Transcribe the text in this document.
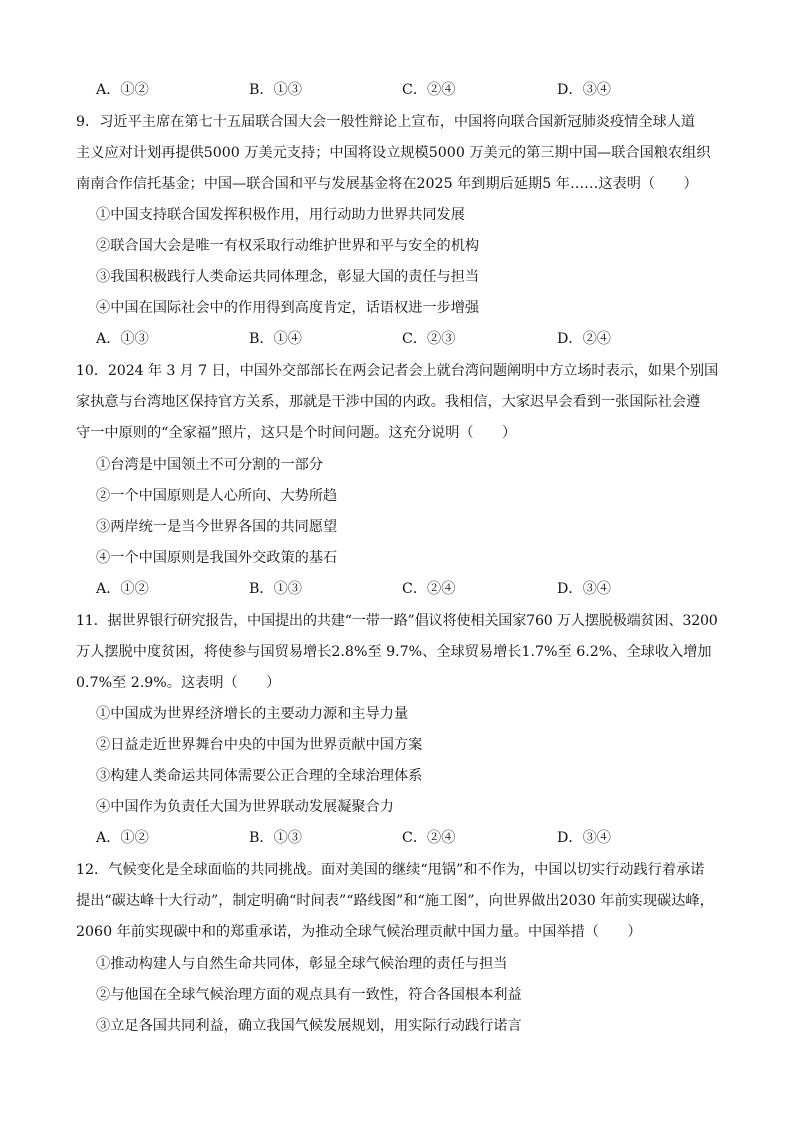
A．①②	B．①③	C．②④	D．③④
9．习近平主席在第七十五届联合国大会一般性辩论上宣布，中国将向联合国新冠肺炎疫情全球人道
主义应对计划再提供5000 万美元支持；中国将设立规模5000 万美元的第三期中国—联合国粮农组织
南南合作信托基金；中国—联合国和平与发展基金将在2025 年到期后延期5 年……这表明（　　）
①中国支持联合国发挥积极作用，用行动助力世界共同发展
②联合国大会是唯一有权采取行动维护世界和平与安全的机构
③我国积极践行人类命运共同体理念，彰显大国的责任与担当
④中国在国际社会中的作用得到高度肯定，话语权进一步增强
A．①③	B．①④	C．②③	D．②④
10．2024 年 3 月 7 日，中国外交部部长在两会记者会上就台湾问题阐明中方立场时表示，如果个别国
家执意与台湾地区保持官方关系，那就是干涉中国的内政。我相信，大家迟早会看到一张国际社会遵
守一中原则的“全家福”照片，这只是个时间问题。这充分说明（　　）
①台湾是中国领土不可分割的一部分
②一个中国原则是人心所向、大势所趋
③两岸统一是当今世界各国的共同愿望
④一个中国原则是我国外交政策的基石
A．①②	B．①③	C．②④	D．③④
11．据世界银行研究报告，中国提出的共建“一带一路”倡议将使相关国家760 万人摆脱极端贫困、3200
万人摆脱中度贫困，将使参与国贸易增长2.8%至 9.7%、全球贸易增长1.7%至 6.2%、全球收入增加
0.7%至 2.9%。这表明（　　）
①中国成为世界经济增长的主要动力源和主导力量
②日益走近世界舞台中央的中国为世界贡献中国方案
③构建人类命运共同体需要公正合理的全球治理体系
④中国作为负责任大国为世界联动发展凝聚合力
A．①②	B．①③	C．②④	D．③④
12．气候变化是全球面临的共同挑战。面对美国的继续“甩锅”和不作为，中国以切实行动践行着承诺
提出“碳达峰十大行动”，制定明确“时间表”“路线图”和“施工图”，向世界做出2030 年前实现碳达峰，
2060 年前实现碳中和的郑重承诺，为推动全球气候治理贡献中国力量。中国举措（　　）
①推动构建人与自然生命共同体，彰显全球气候治理的责任与担当
②与他国在全球气候治理方面的观点具有一致性，符合各国根本利益
③立足各国共同利益，确立我国气候发展规划，用实际行动践行诺言
